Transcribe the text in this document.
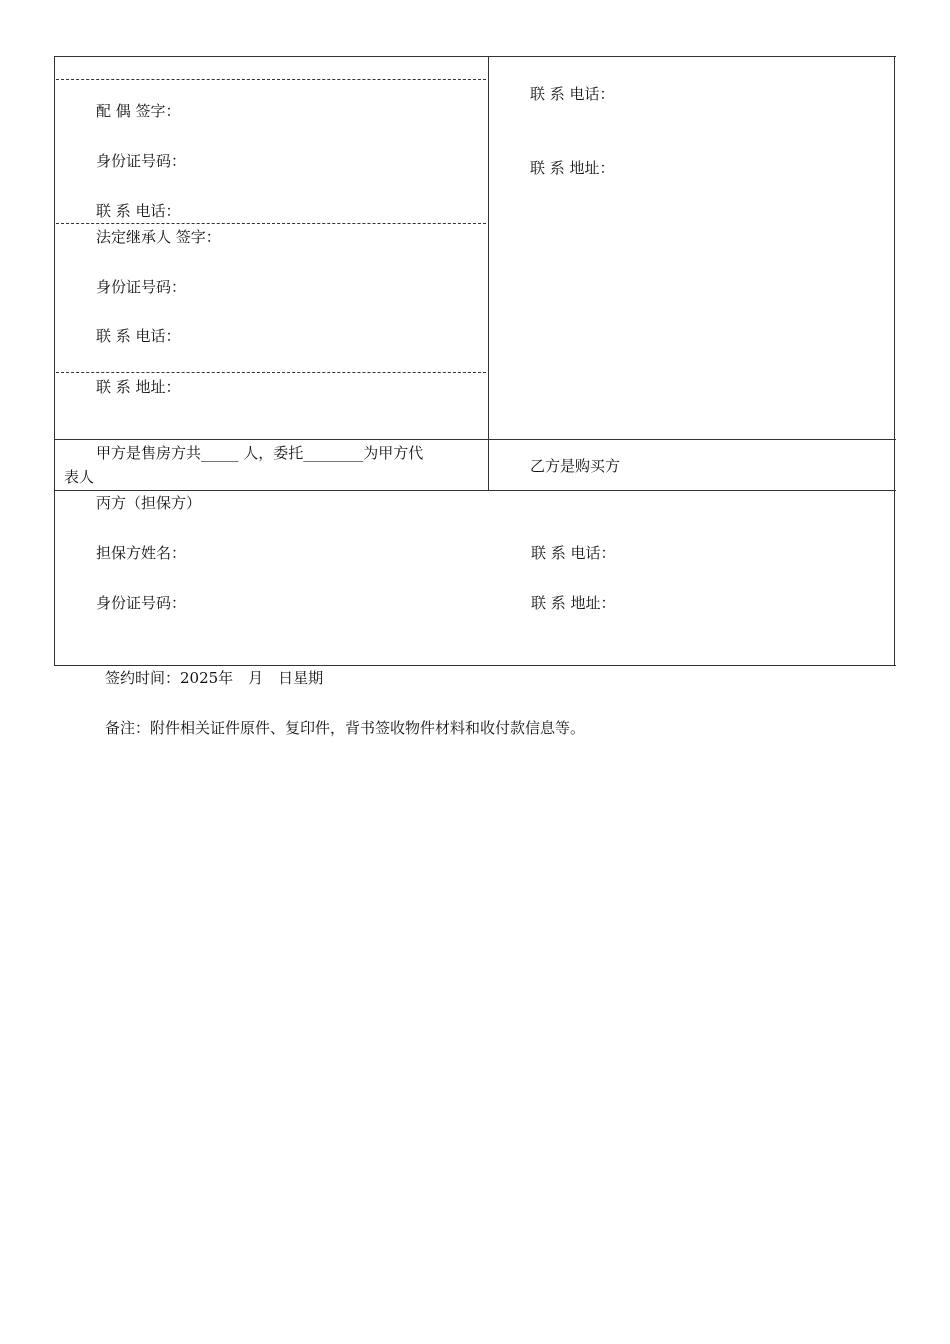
配 偶 签字：
身份证号码：
联 系 电话：
法定继承人 签字：
身份证号码：
联 系 电话：
联 系 地址：
联 系 电话：
联 系 地址：
甲方是售房方共_____ 人，委托________为甲方代
表人
乙方是购买方
丙方（担保方）
担保方姓名：	联 系 电话：
身份证号码：	联 系 地址：
签约时间：2025年　月　日星期
备注：附件相关证件原件、复印件，背书签收物件材料和收付款信息等。
